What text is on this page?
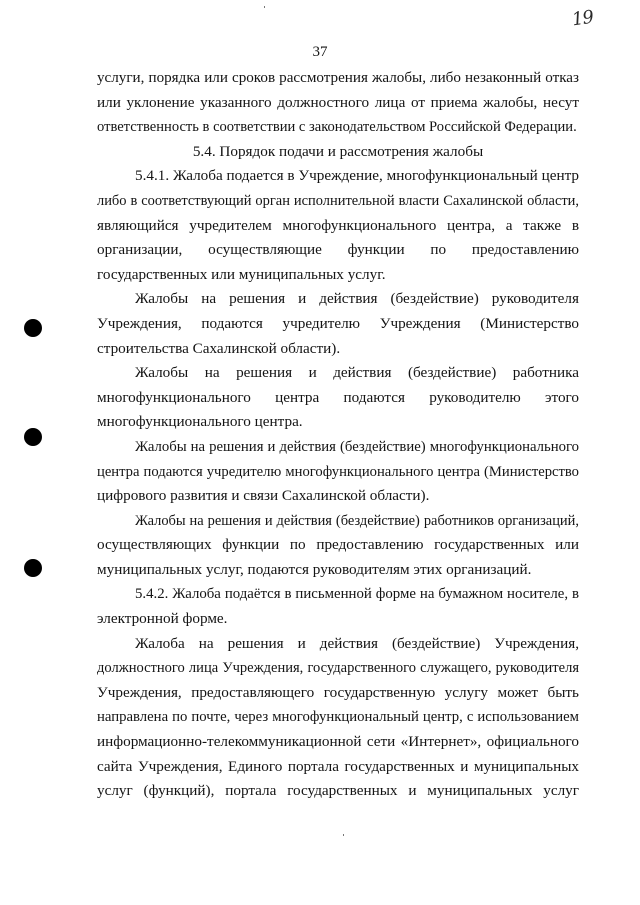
37
19
услуги, порядка или сроков рассмотрения жалобы, либо незаконный отказ
или уклонение указанного должностного лица от приема жалобы, несут
ответственность в соответствии с законодательством Российской Федерации.
5.4. Порядок подачи и рассмотрения жалобы
5.4.1. Жалоба подается в Учреждение, многофункциональный центр
либо в соответствующий орган исполнительной власти Сахалинской области,
являющийся учредителем многофункционального центра, а также в
организации, осуществляющие функции по предоставлению
государственных или муниципальных услуг.
Жалобы на решения и действия (бездействие) руководителя
Учреждения, подаются учредителю Учреждения (Министерство
строительства Сахалинской области).
Жалобы на решения и действия (бездействие) работника
многофункционального центра подаются руководителю этого
многофункционального центра.
Жалобы на решения и действия (бездействие) многофункционального
центра подаются учредителю многофункционального центра (Министерство
цифрового развития и связи Сахалинской области).
Жалобы на решения и действия (бездействие) работников организаций,
осуществляющих функции по предоставлению государственных или
муниципальных услуг, подаются руководителям этих организаций.
5.4.2. Жалоба подаётся в письменной форме на бумажном носителе, в
электронной форме.
Жалоба на решения и действия (бездействие) Учреждения,
должностного лица Учреждения, государственного служащего, руководителя
Учреждения, предоставляющего государственную услугу может быть
направлена по почте, через многофункциональный центр, с использованием
информационно-телекоммуникационной сети «Интернет», официального
сайта Учреждения, Единого портала государственных и муниципальных
услуг (функций), портала государственных и муниципальных услуг
